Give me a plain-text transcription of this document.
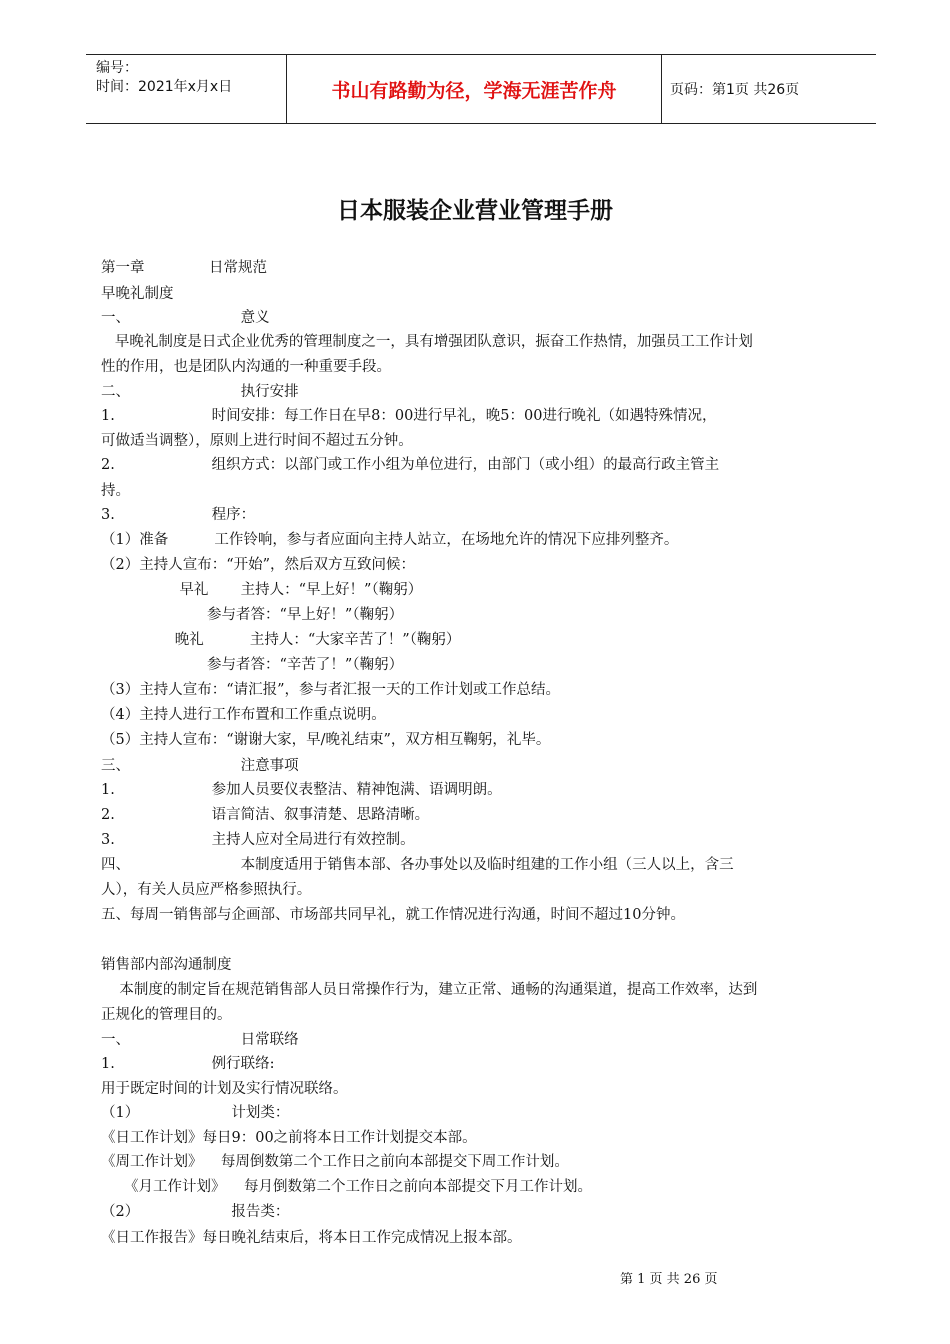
编号：
时间：2021年x月x日	书山有路勤为径，学海无涯苦作舟	页码：第1页 共26页
日本服装企业营业管理手册
第一章              日常规范
早晚礼制度
一、                        意义
早晚礼制度是日式企业优秀的管理制度之一，具有增强团队意识，振奋工作热情，加强员工工作计划
性的作用，也是团队内沟通的一种重要手段。
二、                        执行安排
1.                     时间安排：每工作日在早8：00进行早礼，晚5：00进行晚礼（如遇特殊情况，
可做适当调整），原则上进行时间不超过五分钟。
2.                     组织方式：以部门或工作小组为单位进行，由部门（或小组）的最高行政主管主
持。
3.                     程序：
（1）准备          工作铃响，参与者应面向主持人站立，在场地允许的情况下应排列整齐。
（2）主持人宣布：“开始”，然后双方互致问候：
早礼       主持人：“早上好！”（鞠躬）
参与者答：“早上好！”（鞠躬）
晚礼          主持人：“大家辛苦了！”（鞠躬）
参与者答：“辛苦了！”（鞠躬）
（3）主持人宣布：“请汇报”，参与者汇报一天的工作计划或工作总结。
（4）主持人进行工作布置和工作重点说明。
（5）主持人宣布：“谢谢大家，早/晚礼结束”，双方相互鞠躬，礼毕。
三、                        注意事项
1.                     参加人员要仪表整洁、精神饱满、语调明朗。
2.                     语言简洁、叙事清楚、思路清晰。
3.                     主持人应对全局进行有效控制。
四、                        本制度适用于销售本部、各办事处以及临时组建的工作小组（三人以上，含三
人），有关人员应严格参照执行。
五、每周一销售部与企画部、市场部共同早礼，就工作情况进行沟通，时间不超过10分钟。
销售部内部沟通制度
本制度的制定旨在规范销售部人员日常操作行为，建立正常、通畅的沟通渠道，提高工作效率，达到
正规化的管理目的。
一、                        日常联络
1.                     例行联络:
用于既定时间的计划及实行情况联络。
（1）                    计划类：
《日工作计划》每日9：00之前将本日工作计划提交本部。
《周工作计划》    每周倒数第二个工作日之前向本部提交下周工作计划。
《月工作计划》    每月倒数第二个工作日之前向本部提交下月工作计划。
（2）                    报告类：
《日工作报告》每日晚礼结束后，将本日工作完成情况上报本部。
第 1 页 共 26 页
